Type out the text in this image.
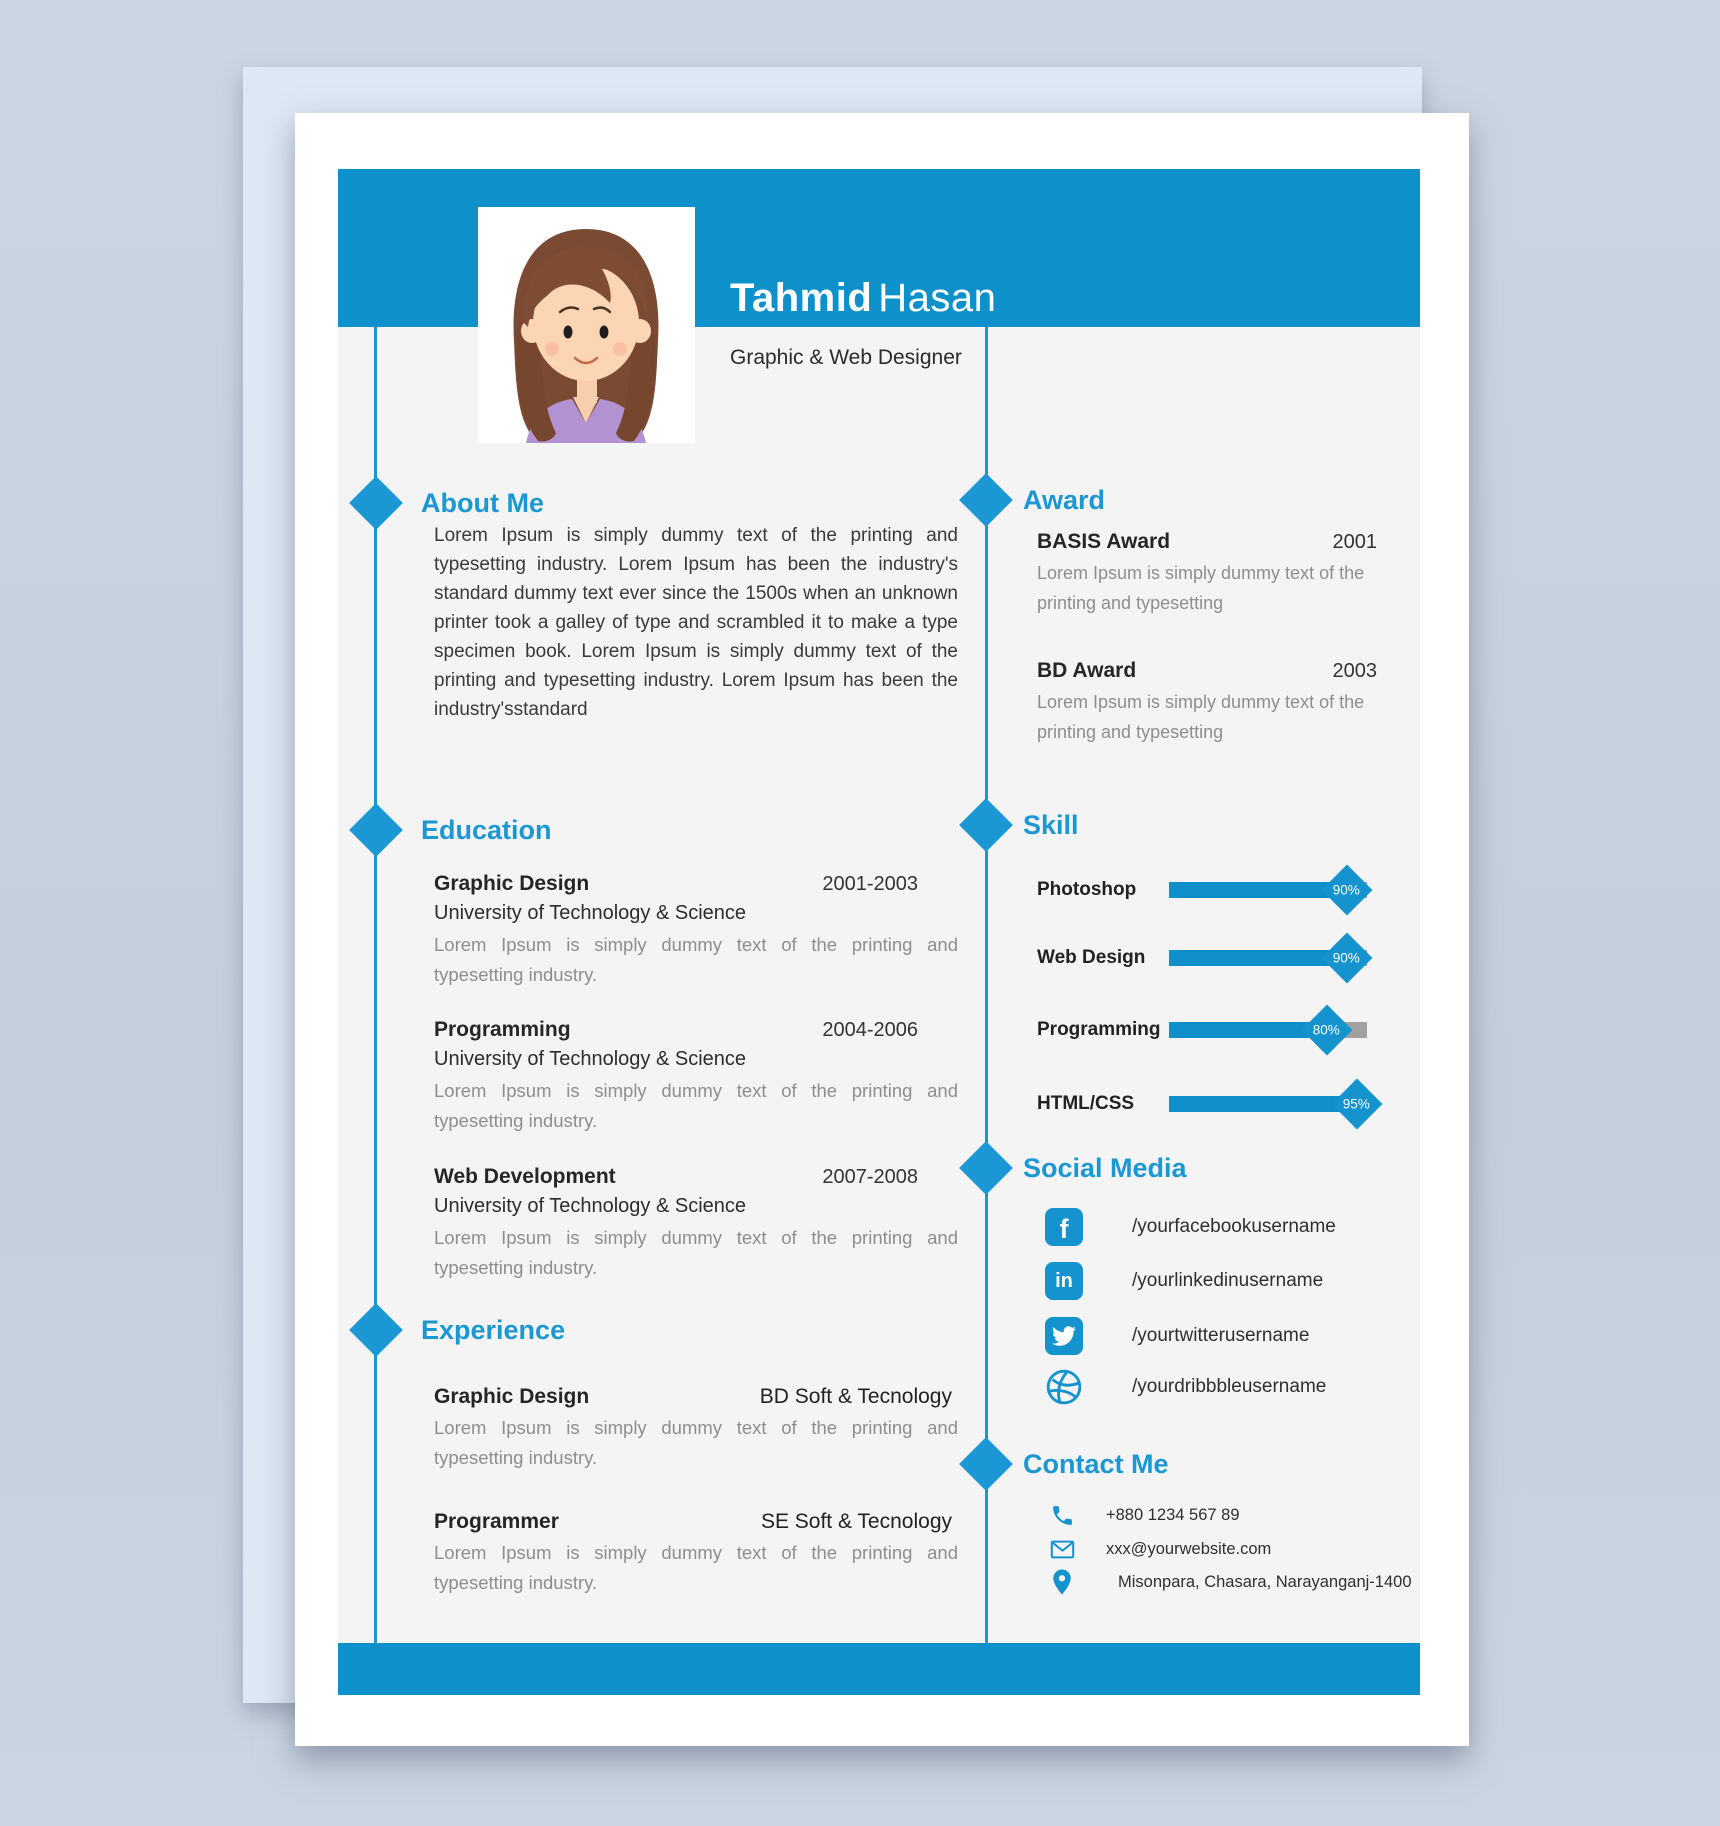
Tahmid Hasan
Graphic & Web Designer
About Me

Lorem Ipsum is simply dummy text of the printing and typesetting industry. Lorem Ipsum has been the industry's standard dummy text ever since the 1500s when an unknown printer took a galley of type and scrambled it to make a type specimen book. Lorem Ipsum is simply dummy text of the printing and typesetting industry. Lorem Ipsum has been the industry'sstandard

Education
Graphic Design	2001-2003
University of Technology & Science

Lorem Ipsum is simply dummy text of the printing and typesetting industry.

Programming	2004-2006
University of Technology & Science

Lorem Ipsum is simply dummy text of the printing and typesetting industry.

Web Development	2007-2008
University of Technology & Science

Lorem Ipsum is simply dummy text of the printing and typesetting industry.

Experience
Graphic Design	BD Soft & Tecnology

Lorem Ipsum is simply dummy text of the printing and typesetting industry.

Programmer	SE Soft & Tecnology

Lorem Ipsum is simply dummy text of the printing and typesetting industry.

Award
BASIS Award	2001

Lorem Ipsum is simply dummy text of the printing and typesetting

BD Award	2003

Lorem Ipsum is simply dummy text of the printing and typesetting

Skill
Photoshop	90%
Web Design	90%
Programming	80%
HTML/CSS	95%
Social Media
f	/yourfacebookusername
in	/yourlinkedinusername
/yourtwitterusername
/yourdribbbleusername
Contact Me
+880 1234 567 89
xxx@yourwebsite.com
Misonpara, Chasara, Narayanganj-1400
